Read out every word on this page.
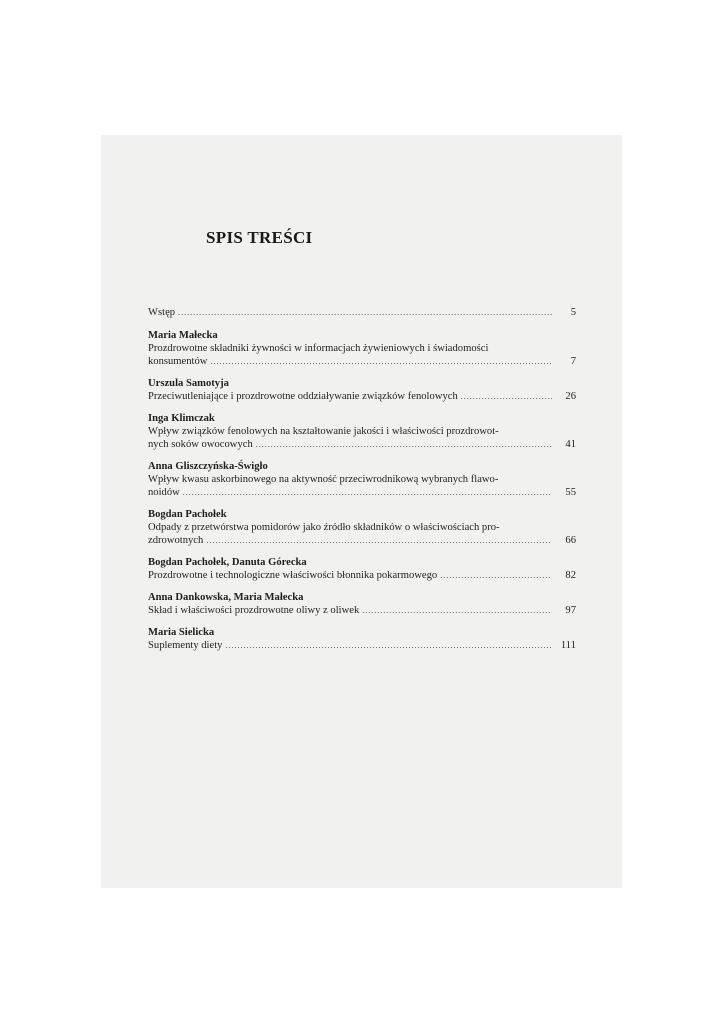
SPIS TREŚCI
Wstęp .....	5
Maria Małecka
Prozdrowotne składniki żywności w informacjach żywieniowych i świadomości
konsumentów .....	7
Urszula Samotyja
Przeciwutleniające i prozdrowotne oddziaływanie związków fenolowych .....	26
Inga Klimczak
Wpływ związków fenolowych na kształtowanie jakości i właściwości prozdrowot-
nych soków owocowych .....	41
Anna Gliszczyńska-Świgło
Wpływ kwasu askorbinowego na aktywność przeciwrodnikową wybranych flawo-
noidów .....	55
Bogdan Pachołek
Odpady z przetwórstwa pomidorów jako źródło składników o właściwościach pro-
zdrowotnych .....	66
Bogdan Pachołek, Danuta Górecka
Prozdrowotne i technologiczne właściwości błonnika pokarmowego .....	82
Anna Dankowska, Maria Małecka
Skład i właściwości prozdrowotne oliwy z oliwek .....	97
Maria Sielicka
Suplementy diety .....	111
